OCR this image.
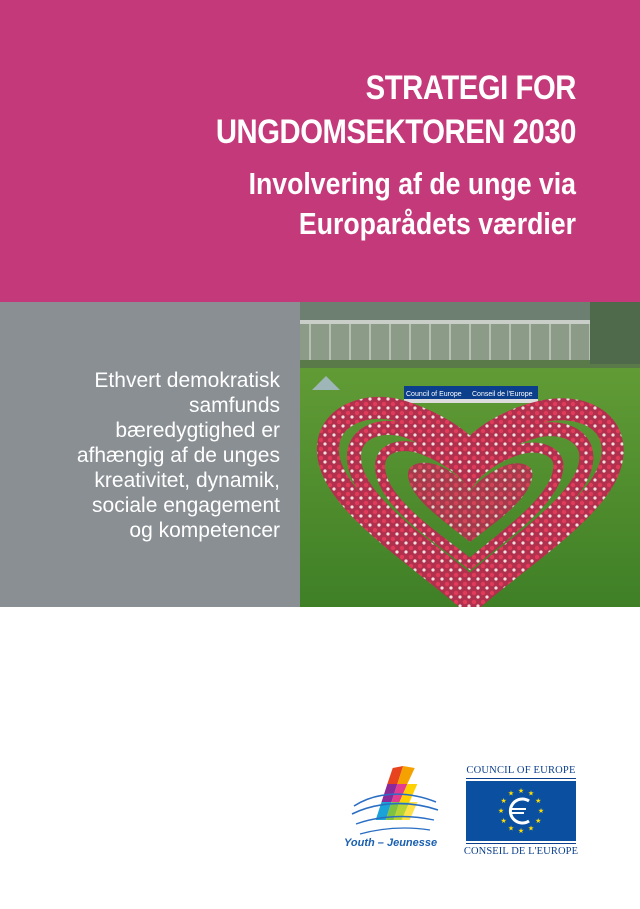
STRATEGI FOR
UNGDOMSEKTOREN 2030
Involvering af de unge via
Europarådets værdier
Ethvert demokratisk
samfunds
bæredygtighed er
afhængig af de unges
kreativitet, dynamik,
sociale engagement
og kompetencer
Council of Europe Conseil de l'Europe
Youth – Jeunesse
COUNCIL OF EUROPE
★ ★
★
★
★
★
★
★
★
★
★
★
CONSEIL DE L'EUROPE
